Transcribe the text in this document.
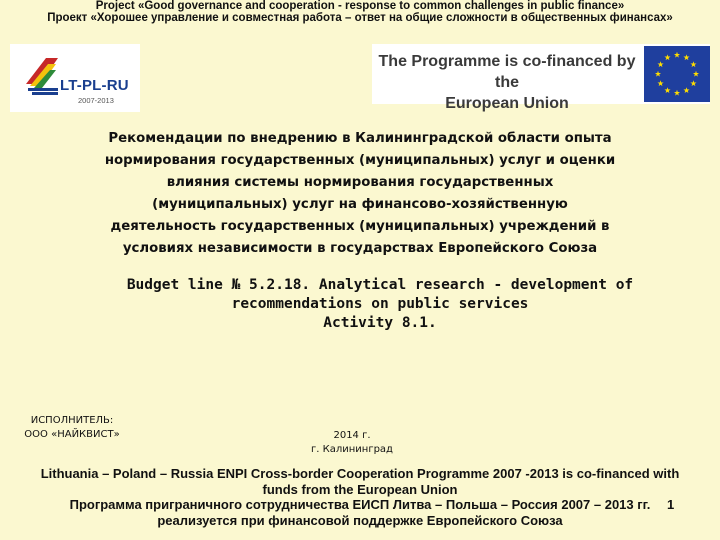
Project «Good governance and cooperation - response to common challenges in public finance»
Проект «Хорошее управление и совместная работа – ответ на общие сложности в общественных финансах»
LT-PL-RU
2007-2013
The Programme is co-financed by the
European Union
Рекомендации по внедрению в Калининградской области опыта
нормирования государственных (муниципальных) услуг и оценки
влияния системы нормирования государственных
(муниципальных) услуг на финансово-хозяйственную
деятельность государственных (муниципальных) учреждений в
условиях независимости в государствах Европейского Союза
Budget line № 5.2.18. Analytical research - development of
recommendations on public services
Activity 8.1.
ИСПОЛНИТЕЛЬ:
ООО «НАЙКВИСТ»	2014 г.
г. Калининград
Lithuania – Poland – Russia ENPI Cross-border Cooperation Programme 2007 -2013 is co-financed with
funds from the European Union
Программа приграничного сотрудничества ЕИСП Литва – Польша – Россия 2007 – 2013 гг.
реализуется при финансовой поддержке Европейского Союза
1
